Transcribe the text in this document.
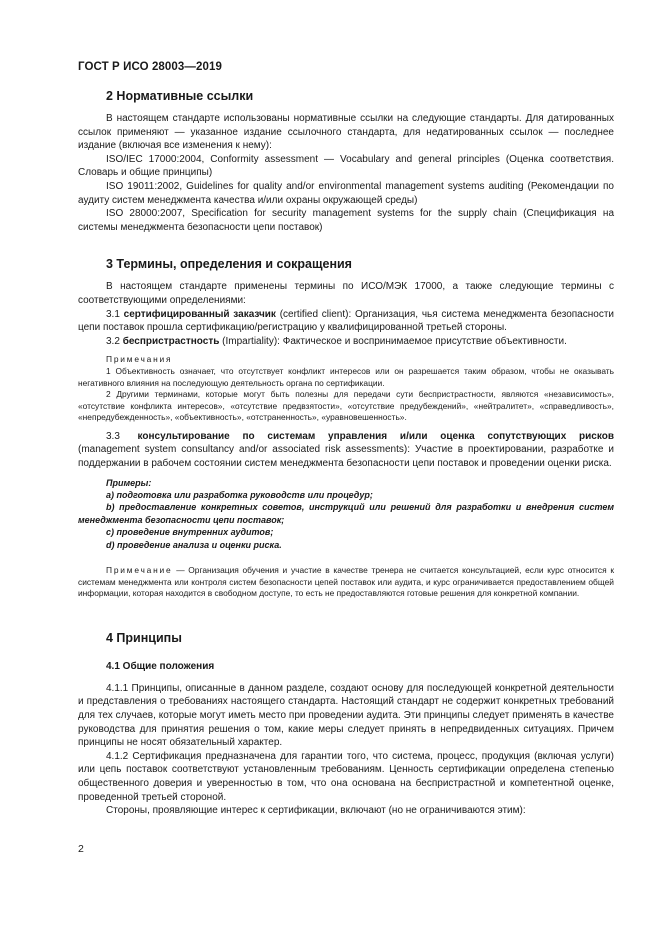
ГОСТ Р ИСО 28003—2019
2 Нормативные ссылки

В настоящем стандарте использованы нормативные ссылки на следующие стандарты. Для датированных ссылок применяют — указанное издание ссылочного стандарта, для недатированных ссылок — последнее издание (включая все изменения к нему):

ISO/IEC 17000:2004, Conformity assessment — Vocabulary and general principles (Оценка соответствия. Словарь и общие принципы)

ISO 19011:2002, Guidelines for quality and/or environmental management systems auditing (Рекомендации по аудиту систем менеджмента качества и/или охраны окружающей среды)

ISO 28000:2007, Specification for security management systems for the supply chain (Спецификация на системы менеджмента безопасности цепи поставок)

3 Термины, определения и сокращения

В настоящем стандарте применены термины по ИСО/МЭК 17000, а также следующие термины с соответствующими определениями:

3.1 сертифицированный заказчик (certified client): Организация, чья система менеджмента безопасности цепи поставок прошла сертификацию/регистрацию у квалифицированной третьей стороны.

3.2 беспристрастность (Impartiality): Фактическое и воспринимаемое присутствие объективности.

Примечания

1 Объективность означает, что отсутствует конфликт интересов или он разрешается таким образом, чтобы не оказывать негативного влияния на последующую деятельность органа по сертификации.

2 Другими терминами, которые могут быть полезны для передачи сути беспристрастности, являются «независимость», «отсутствие конфликта интересов», «отсутствие предвзятости», «отсутствие предубеждений», «нейтралитет», «справедливость», «непредубежденность», «объективность», «отстраненность», «уравновешенность».

3.3 консультирование по системам управления и/или оценка сопутствующих рисков (management system consultancy and/or associated risk assessments): Участие в проектировании, разработке и поддержании в рабочем состоянии систем менеджмента безопасности цепи поставок и проведении оценки риска.

Примеры:

a) подготовка или разработка руководств или процедур;

b) предоставление конкретных советов, инструкций или решений для разработки и внедрения систем менеджмента безопасности цепи поставок;

c) проведение внутренних аудитов;

d) проведение анализа и оценки риска.

Примечание — Организация обучения и участие в качестве тренера не считается консультацией, если курс относится к системам менеджмента или контроля систем безопасности цепей поставок или аудита, и курс ограничивается предоставлением общей информации, которая находится в свободном доступе, то есть не предоставляются готовые решения для конкретной компании.

4 Принципы
4.1 Общие положения

4.1.1 Принципы, описанные в данном разделе, создают основу для последующей конкретной деятельности и представления о требованиях настоящего стандарта. Настоящий стандарт не содержит конкретных требований для тех случаев, которые могут иметь место при проведении аудита. Эти принципы следует применять в качестве руководства для принятия решения о том, какие меры следует принять в непредвиденных ситуациях. Причем принципы не носят обязательный характер.

4.1.2 Сертификация предназначена для гарантии того, что система, процесс, продукция (включая услуги) или цепь поставок соответствуют установленным требованиям. Ценность сертификации определена степенью общественного доверия и уверенностью в том, что она основана на беспристрастной и компетентной оценке, проведенной третьей стороной.

Стороны, проявляющие интерес к сертификации, включают (но не ограничиваются этим):

2
